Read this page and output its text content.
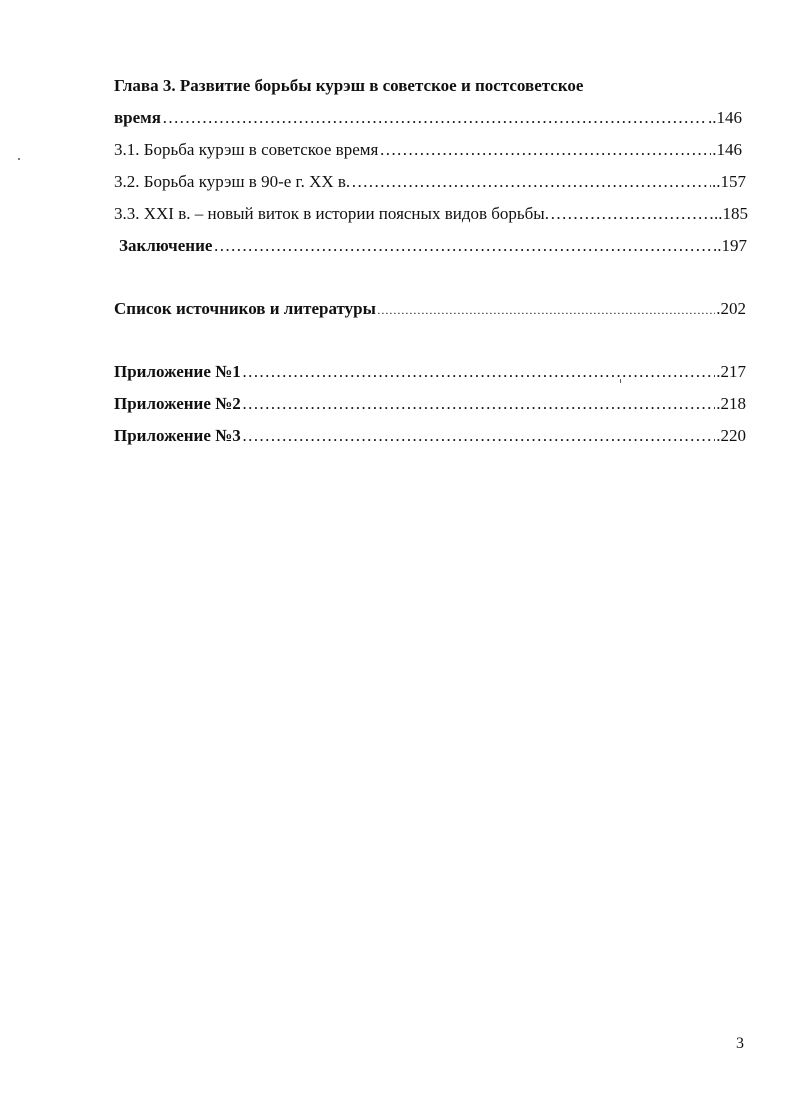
Глава 3. Развитие борьбы курэш в советское и постсоветское
время ………………………………………………………………………………………………………………………………………………	..146
3.1. Борьба курэш в советское время ………………………………………………………………………………………………………………………………………………	.146
3.2. Борьба курэш в 90-е г. XX в. ………………………………………………………………………………………………………………………………………………	..157
3.3. XXI в. – новый виток в истории поясных видов борьбы. ………………………………………………………………………………………………………………………………………………	..185
Заключение ………………………………………………………………………………………………………………………………………………	..197
Список источников и литературы ………………………………………………………………………………………………………………………………………………	.202
Приложение №1 ………………………………………………………………………………………………………………………………………………	.217
Приложение №2 ………………………………………………………………………………………………………………………………………………	.218
Приложение №3 ………………………………………………………………………………………………………………………………………………	.220
3
